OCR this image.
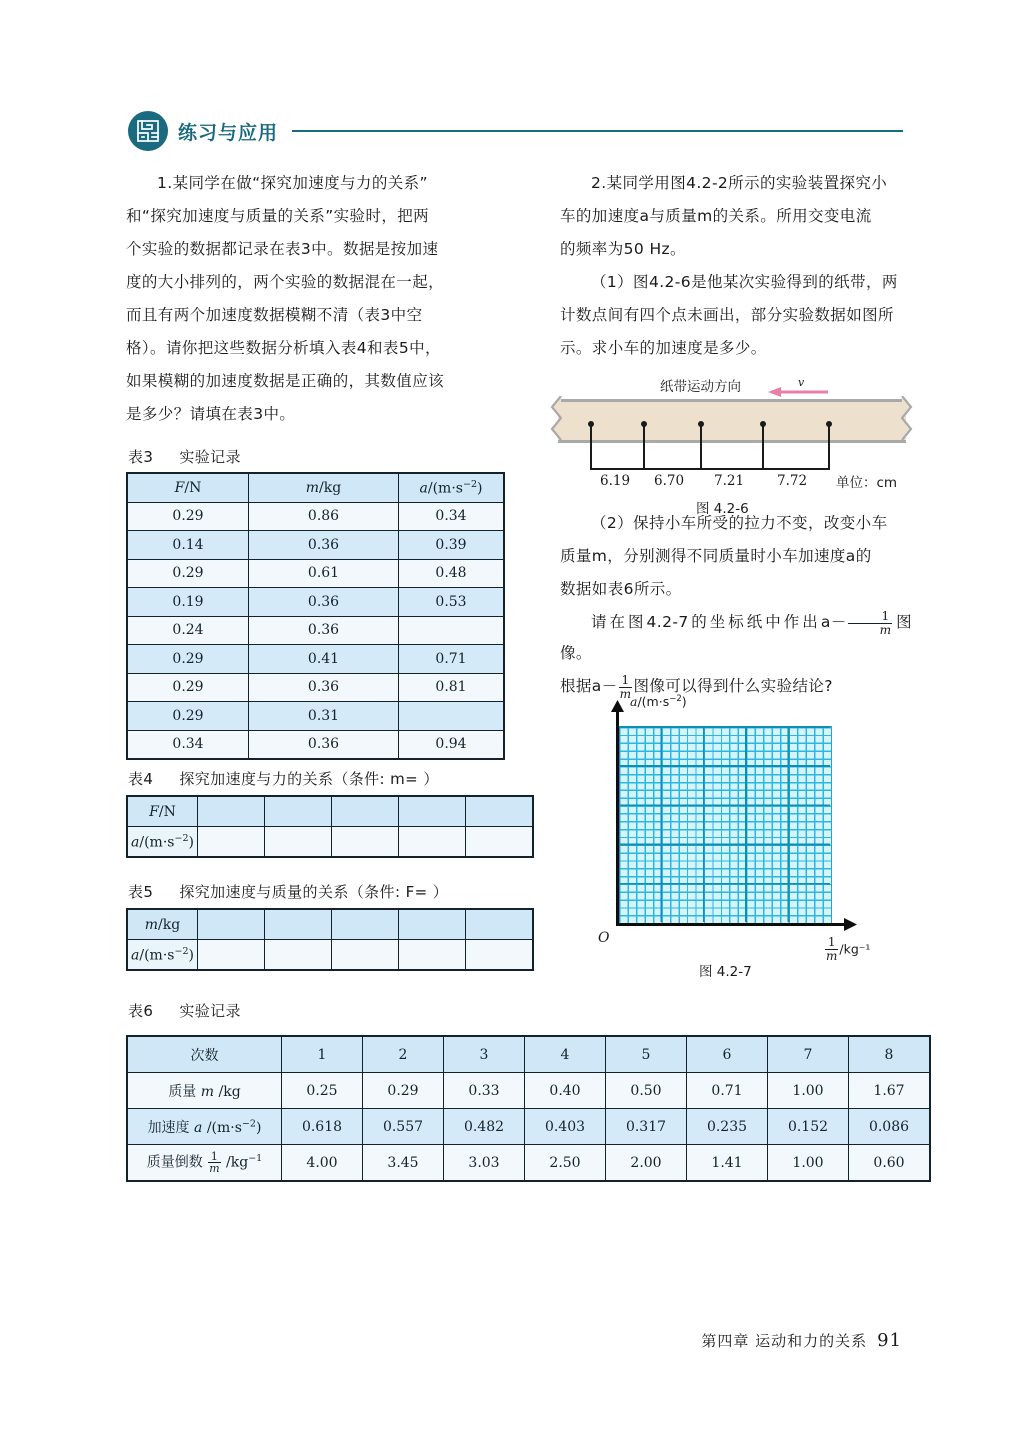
练习与应用

1.某同学在做“探究加速度与力的关系”

和“探究加速度与质量的关系”实验时，把两

个实验的数据都记录在表3中。数据是按加速

度的大小排列的，两个实验的数据混在一起，

而且有两个加速度数据模糊不清（表3中空

格）。请你把这些数据分析填入表4和表5中，

如果模糊的加速度数据是正确的，其数值应该

是多少？请填在表3中。

表3 实验记录
F/N	m/kg	$a/(m\cdot s^{-2})$
0.29	0.86	0.34
0.14	0.36	0.39
0.29	0.61	0.48
0.19	0.36	0.53
0.24	0.36	
0.29	0.41	0.71
0.29	0.36	0.81
0.29	0.31	
0.34	0.36	0.94
表4 探究加速度与力的关系（条件: m= ）
F/N					
$a/(m\cdot s^{-2})$					
表5 探究加速度与质量的关系（条件: F= ）
m/kg					
$a/(m\cdot s^{-2})$					

2.某同学用图4.2-2所示的实验装置探究小

车的加速度a与质量m的关系。所用交变电流

的频率为50 Hz。

（1）图4.2-6是他某次实验得到的纸带，两

计数点间有四个点未画出，部分实验数据如图所

示。求小车的加速度是多少。

纸带运动方向	v
6.19 6.70 7.21 7.72 单位：cm
图 4.2-6

（2）保持小车所受的拉力不变，改变小车

质量m，分别测得不同质量时小车加速度a的

数据如表6所示。

请在图4.2-7的坐标纸中作出$a- \frac{1}{m}$ 图像。

根据$a- \frac{1}{m}$ 图像可以得到什么实验结论?

$a/(m\cdot s^{-2})$
O	$\frac{1}{m} /kg^{-1}$
图 4.2-7
表6 实验记录
次数	1	2	3	4	5	6	7	8
质量 m /kg	0.25	0.29	0.33	0.40	0.50	0.71	1.00	1.67
加速度 a $/(m\cdot s^{-2})$	0.618	0.557	0.482	0.403	0.317	0.235	0.152	0.086
质量倒数 $\frac{1}{m} /kg^{-1}$	4.00	3.45	3.03	2.50	2.00	1.41	1.00	0.60
第四章 运动和力的关系 91
